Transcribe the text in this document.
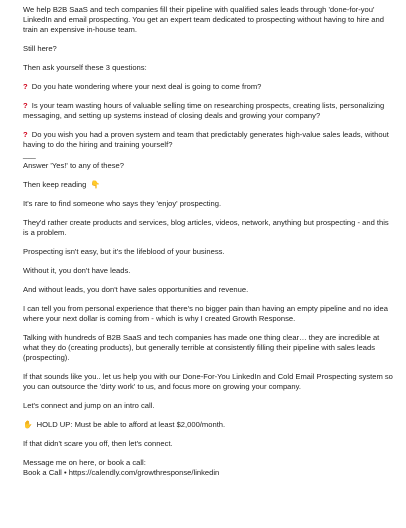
We help B2B SaaS and tech companies fill their pipeline with qualified sales leads through 'done-for-you' LinkedIn and email prospecting. You get an expert team dedicated to prospecting without having to hire and train an expensive in-house team.

Still here?

Then ask yourself these 3 questions:

? Do you hate wondering where your next deal is going to come from?

? Is your team wasting hours of valuable selling time on researching prospects, creating lists, personalizing messaging, and setting up systems instead of closing deals and growing your company?

? Do you wish you had a proven system and team that predictably generates high-value sales leads, without having to do the hiring and training yourself?

___

Answer 'Yes!' to any of these?

Then keep reading 👇

It's rare to find someone who says they 'enjoy' prospecting.

They'd rather create products and services, blog articles, videos, network, anything but prospecting - and this is a problem.

Prospecting isn't easy, but it's the lifeblood of your business.

Without it, you don't have leads.

And without leads, you don't have sales opportunities and revenue.

I can tell you from personal experience that there's no bigger pain than having an empty pipeline and no idea where your next dollar is coming from - which is why I created Growth Response.

Talking with hundreds of B2B SaaS and tech companies has made one thing clear… they are incredible at what they do (creating products), but generally terrible at consistently filling their pipeline with sales leads (prospecting).

If that sounds like you.. let us help you with our Done-For-You LinkedIn and Cold Email Prospecting system so you can outsource the 'dirty work' to us, and focus more on growing your company.

Let's connect and jump on an intro call.

✋ HOLD UP: Must be able to afford at least $2,000/month.

If that didn't scare you off, then let's connect.

Message me on here, or book a call:

Book a Call • https://calendly.com/growthresponse/linkedin
